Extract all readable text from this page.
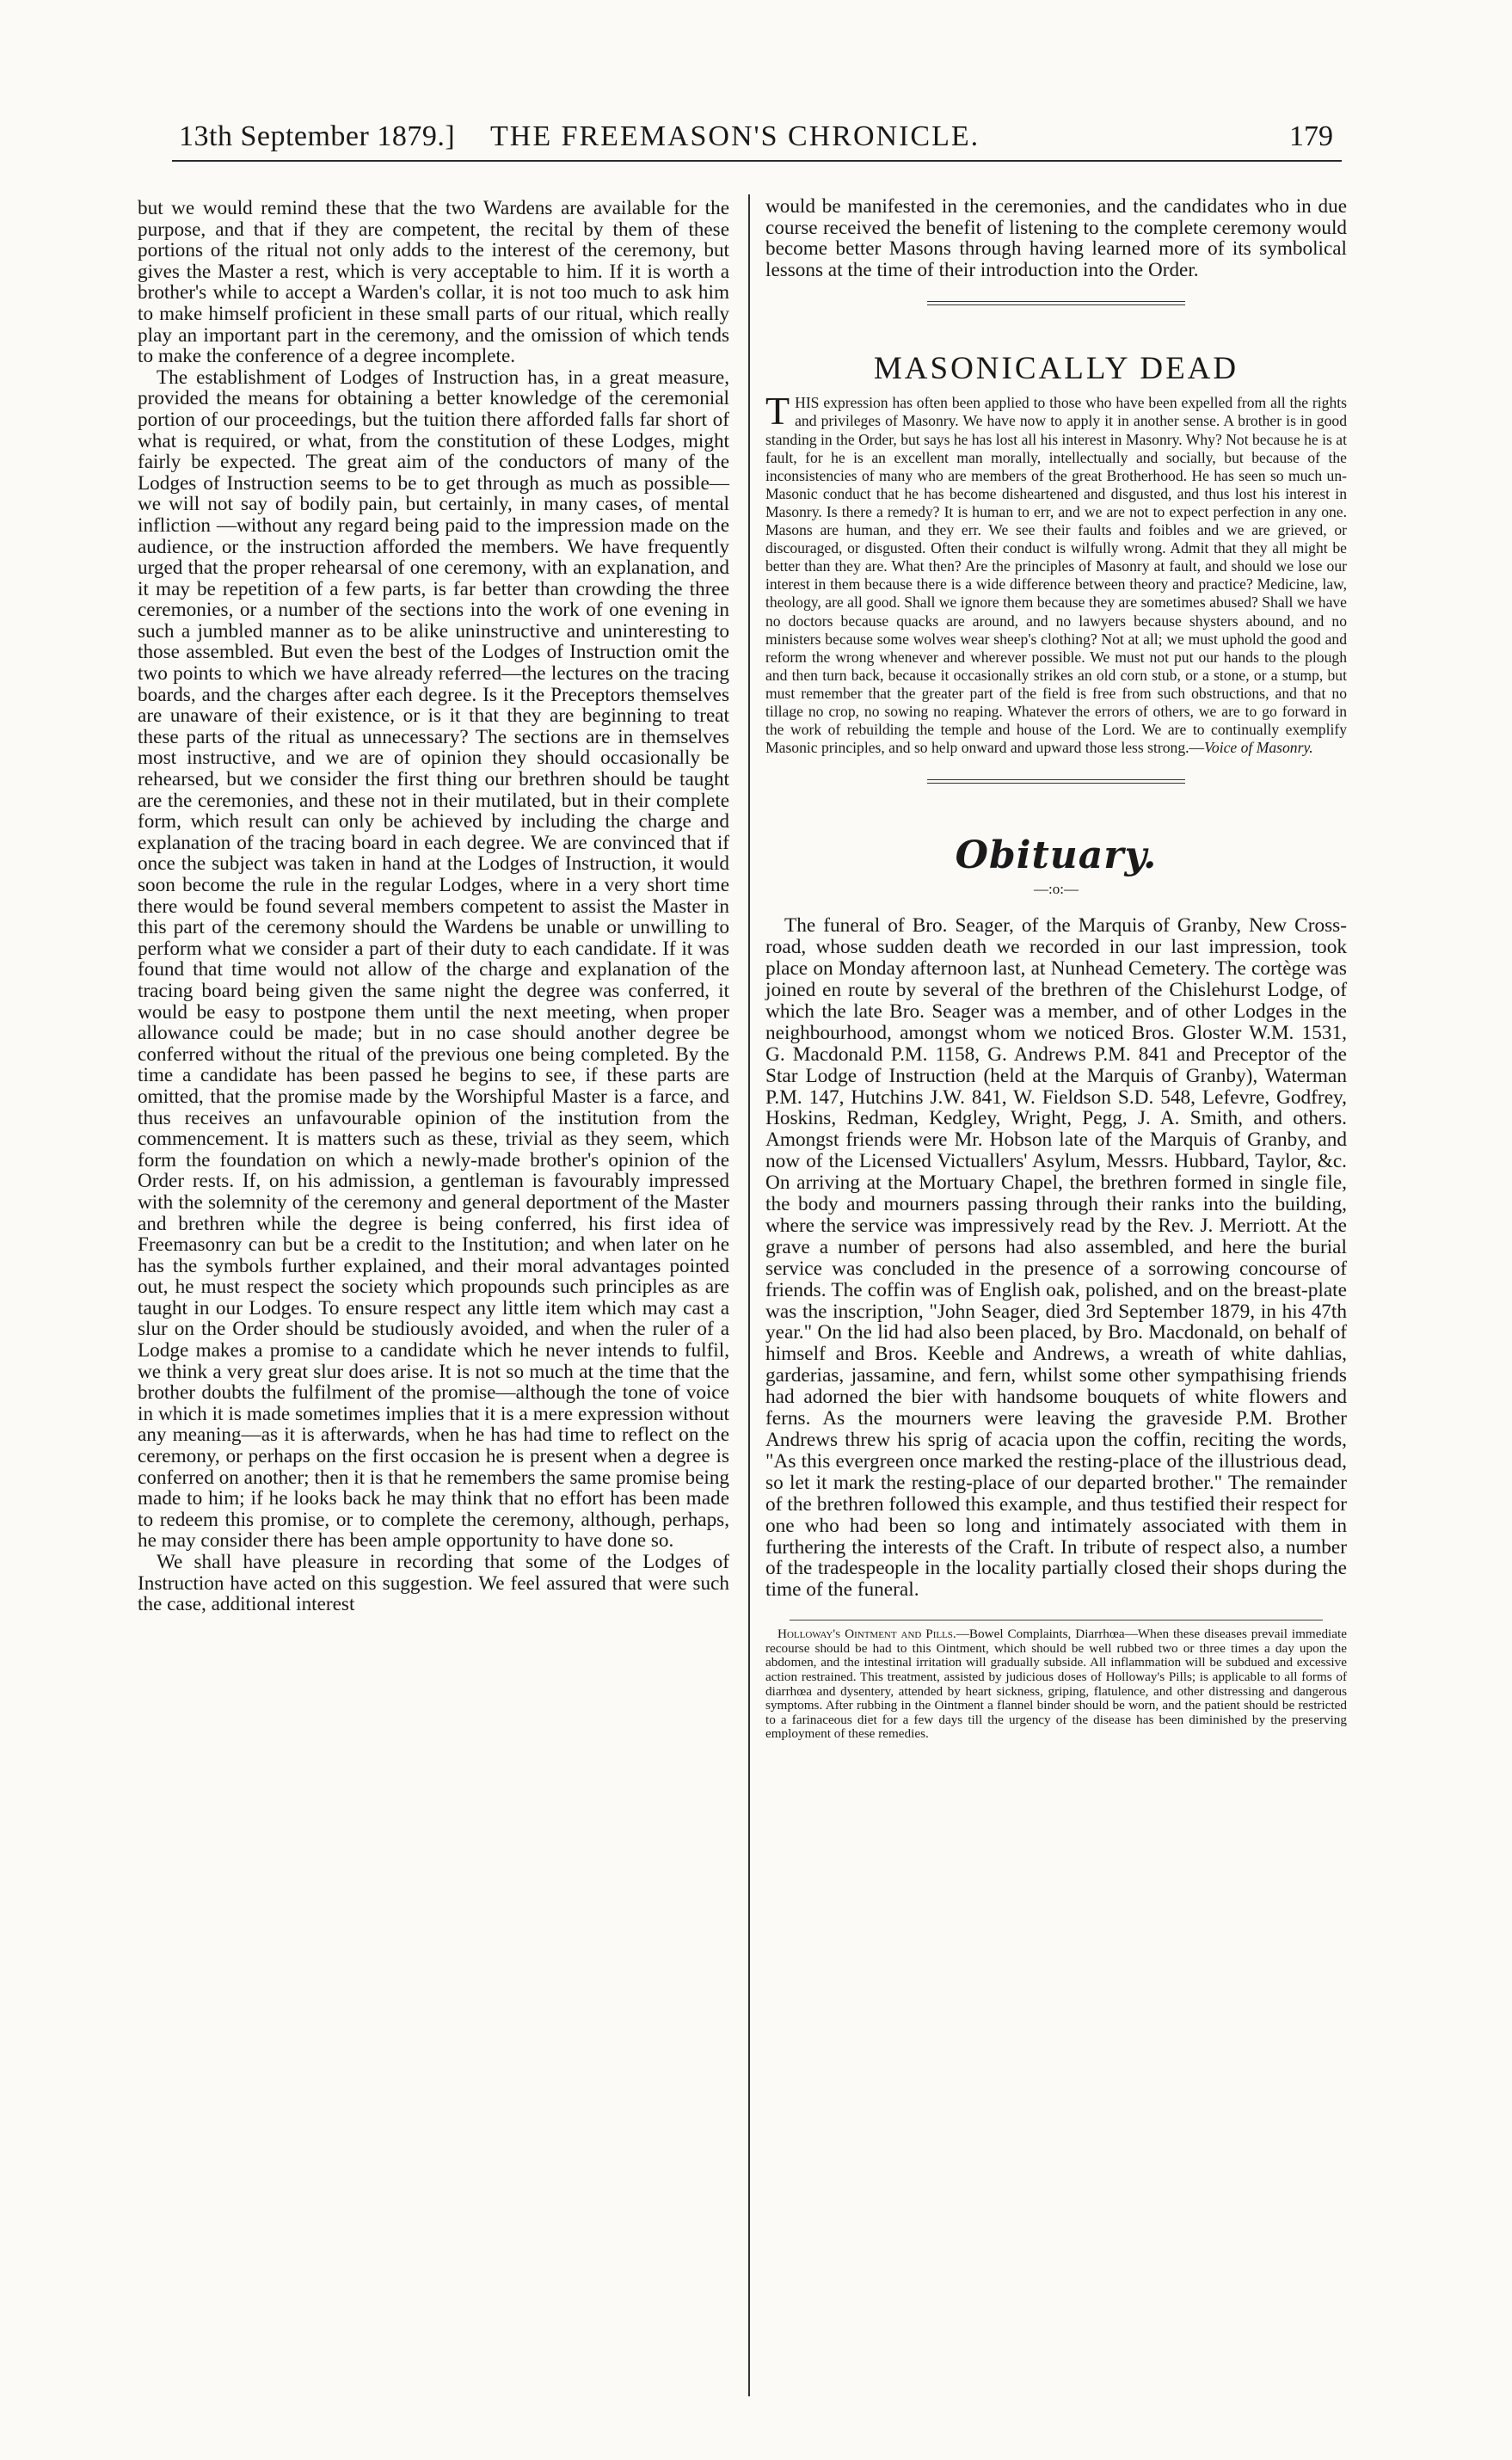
13th September 1879.] THE FREEMASON'S CHRONICLE.	179

but we would remind these that the two Wardens are available for the purpose, and that if they are competent, the recital by them of these portions of the ritual not only adds to the interest of the ceremony, but gives the Master a rest, which is very acceptable to him. If it is worth a brother's while to accept a Warden's collar, it is not too much to ask him to make himself proficient in these small parts of our ritual, which really play an important part in the ceremony, and the omission of which tends to make the conference of a degree incomplete.

The establishment of Lodges of Instruction has, in a great measure, provided the means for obtaining a better knowledge of the ceremonial portion of our proceedings, but the tuition there afforded falls far short of what is required, or what, from the constitution of these Lodges, might fairly be expected. The great aim of the conductors of many of the Lodges of Instruction seems to be to get through as much as possible—we will not say of bodily pain, but certainly, in many cases, of mental infliction —without any regard being paid to the impression made on the audience, or the instruction afforded the members. We have frequently urged that the proper rehearsal of one ceremony, with an explanation, and it may be repetition of a few parts, is far better than crowding the three ceremonies, or a number of the sections into the work of one evening in such a jumbled manner as to be alike uninstructive and uninteresting to those assembled. But even the best of the Lodges of Instruction omit the two points to which we have already referred—the lectures on the tracing boards, and the charges after each degree. Is it the Preceptors themselves are unaware of their existence, or is it that they are beginning to treat these parts of the ritual as unnecessary? The sections are in themselves most instructive, and we are of opinion they should occasionally be rehearsed, but we consider the first thing our brethren should be taught are the ceremonies, and these not in their mutilated, but in their complete form, which result can only be achieved by including the charge and explanation of the tracing board in each degree. We are convinced that if once the subject was taken in hand at the Lodges of Instruction, it would soon become the rule in the regular Lodges, where in a very short time there would be found several members competent to assist the Master in this part of the ceremony should the Wardens be unable or unwilling to perform what we consider a part of their duty to each candidate. If it was found that time would not allow of the charge and explanation of the tracing board being given the same night the degree was conferred, it would be easy to postpone them until the next meeting, when proper allowance could be made; but in no case should another degree be conferred without the ritual of the previous one being completed. By the time a candidate has been passed he begins to see, if these parts are omitted, that the promise made by the Worshipful Master is a farce, and thus receives an unfavourable opinion of the institution from the commencement. It is matters such as these, trivial as they seem,⁠ which form the foundation on which a newly-made brother's opinion of the Order rests. If, on his admission, a gentleman is favourably impressed with the solemnity of the ceremony and general deportment of the Master and brethren while the degree is being conferred, his first idea of Freemasonry can but be a credit to the Institution; and when later on he has the symbols further explained, and their moral advantages pointed out, he must respect the society which propounds such principles as are taught in our Lodges. To ensure respect any little item which may cast a slur on the Order should be studiously avoided, and when the ruler of a Lodge makes a promise to a candidate which he never intends to fulfil, we think a very great slur does arise. It is not so much at the time that the brother doubts the fulfilment of the promise—although the tone of voice in which it is made sometimes implies that it is a mere expression without any meaning—as it is afterwards, when he has had time to reflect on the ceremony, or perhaps on the first occasion he is present when a degree is conferred on another; then it is that he remembers the same promise being made to him; if he looks back he may think that no effort has been made to redeem this promise, or to complete the ceremony, although, perhaps, he may consider there has been ample opportunity to have done so.

We shall have pleasure in recording that some of the Lodges of Instruction have acted on this suggestion. We feel assured that were such the case, additional interest

would be manifested in the ceremonies, and the candidates who in due course received the benefit of listening to the complete ceremony would become better Masons through having learned more of its symbolical lessons at the time of their introduction into the Order.

MASONICALLY DEAD

THIS expression has often been applied to those who have been expelled from all the rights and privileges of Masonry. We have now to apply it in another sense. A brother is in good standing in the Order, but says he has lost all his interest in Masonry. Why? Not because he is at fault, for he is an excellent man morally, intellectually and socially, but because of the inconsistencies of many who are members of the great Brotherhood. He has seen so much un-Masonic conduct that he has become disheartened and disgusted, and thus lost his interest in Masonry. Is there a remedy? It is human to err, and we are not to expect perfection in any one. Masons are human, and they err. We see their faults and foibles and we are grieved, or discouraged, or disgusted. Often their conduct is wilfully wrong. Admit that they all might be better than they are. What then? Are the principles of Masonry at fault, and should we lose our interest in them because there is a wide difference between theory and practice? Medicine, law, theology, are all good. Shall we ignore them because they are sometimes abused? Shall we have no doctors because quacks are around, and no lawyers because shysters abound, and no ministers because some wolves wear sheep's clothing? Not at all; we must uphold the good and reform the wrong whenever and wherever possible. We must not put our hands to the plough and then turn back, because it occasionally strikes an old corn stub, or a stone, or a stump, but must remember that the greater part of the field is free from such obstructions, and that no tillage no crop, no sowing no reaping. Whatever the errors of others, we are to go forward in the work of rebuilding the temple and house of the Lord. We are to continually exemplify Masonic principles, and so help onward and upward those less strong.—Voice of Masonry.

Obituary.
—:o:—

The funeral of Bro. Seager, of the Marquis of Granby, New Cross-road, whose sudden death we recorded in our last impression, took place on Monday afternoon last, at Nunhead Cemetery. The cortège was joined en route by several of the brethren of the Chislehurst Lodge, of which the late Bro. Seager was a member, and of other Lodges in the neighbourhood, amongst whom we noticed Bros. Gloster W.M. 1531, G. Macdonald P.M. 1158, G. Andrews P.M. 841 and Preceptor of the Star Lodge of Instruction (held at the Marquis of Granby), Waterman P.M. 147, Hutchins J.W. 841, W. Fieldson S.D. 548, Lefevre, Godfrey, Hoskins, Redman, Kedgley, Wright, Pegg, J. A. Smith, and others. Amongst friends were Mr. Hobson late of the Marquis of Granby, and now of the Licensed Victuallers' Asylum, Messrs. Hubbard, Taylor, &c. On arriving at the Mortuary Chapel, the brethren formed in single file, the body and mourners passing through their ranks into the building, where the service was impressively read by the Rev. J. Merriott. At the grave a number of persons had also assembled, and here the burial service was concluded in the presence of a sorrowing concourse of friends. The coffin was of English oak, polished, and on the breast-plate was the inscription, "John Seager, died 3rd September 1879, in his 47th year." On the lid had also been placed, by Bro. Macdonald, on behalf of himself and Bros. Keeble and Andrews, a wreath of white dahlias, garderias, jassamine, and fern, whilst some other sympathising friends had adorned the bier with handsome bouquets of white flowers and ferns. As the mourners were leaving the graveside P.M. Brother Andrews threw his sprig of acacia upon the coffin, reciting the words, "As this evergreen once marked the resting-place of the illustrious dead, so let it mark the resting-place of our departed brother." The remainder of the brethren followed this example, and thus testified their respect for one who had been so long and intimately associated with them in furthering the interests of the Craft. In tribute of respect also, a number of the tradespeople in the locality partially closed their shops during the time of the funeral.

Holloway's Ointment and Pills.—Bowel Complaints, Diarrhœa—When these diseases prevail immediate recourse should be had to this Ointment, which should be well rubbed two or three times a day upon the abdomen, and the intestinal irritation will gradually subside. All inflammation will be subdued and excessive action restrained. This treatment, assisted by judicious doses of Holloway's Pills; is applicable to all forms of diarrhœa and dysentery, attended by heart sickness, griping, flatulence, and other distressing and dangerous symptoms. After rubbing in the Ointment a flannel binder should be worn, and the patient should be restricted to a farinaceous diet for a few days till the urgency of the disease has been diminished by the preserving employment of these remedies.
